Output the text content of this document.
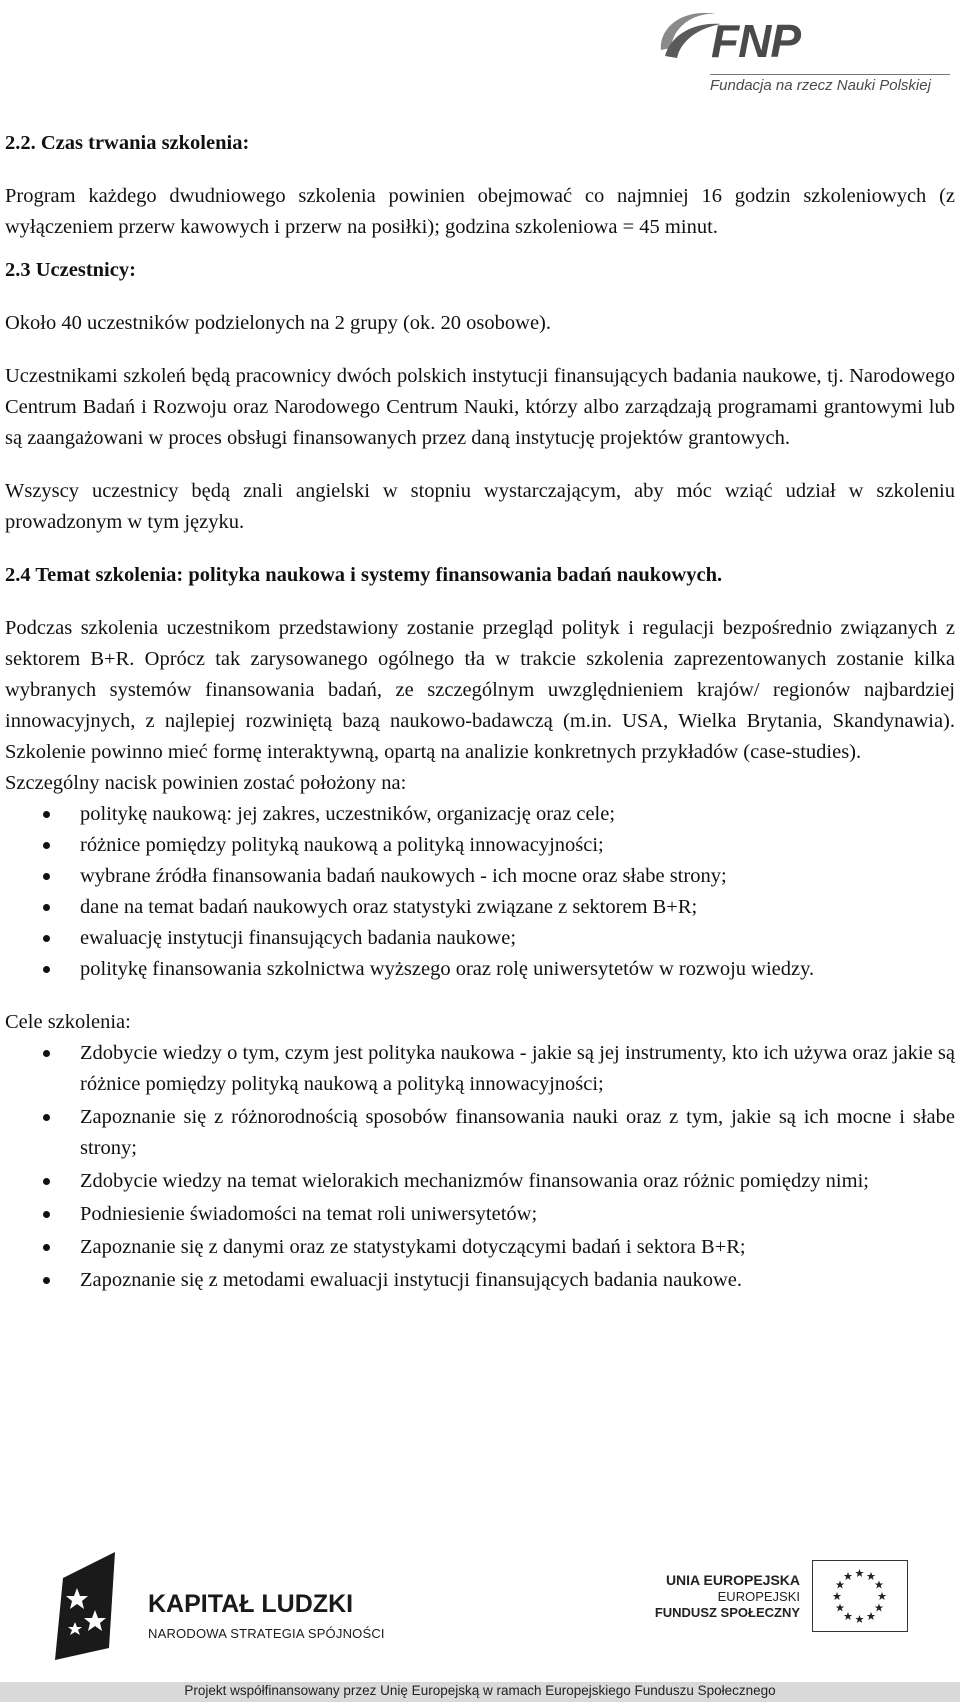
FNP
Fundacja na rzecz Nauki Polskiej

2.2. Czas trwania szkolenia:

Program każdego dwudniowego szkolenia powinien obejmować co najmniej 16 godzin szkoleniowych (z wyłączeniem przerw kawowych i przerw na posiłki); godzina szkoleniowa = 45 minut.

2.3 Uczestnicy:

Około 40 uczestników podzielonych na 2 grupy (ok. 20 osobowe).

Uczestnikami szkoleń będą pracownicy dwóch polskich instytucji finansujących badania naukowe, tj. Narodowego Centrum Badań i Rozwoju oraz Narodowego Centrum Nauki, którzy albo zarządzają programami grantowymi lub są zaangażowani w proces obsługi finansowanych przez daną instytucję projektów grantowych.

Wszyscy uczestnicy będą znali angielski w stopniu wystarczającym, aby móc wziąć udział w szkoleniu prowadzonym w tym języku.

2.4 Temat szkolenia: polityka naukowa i systemy finansowania badań naukowych.

Podczas szkolenia uczestnikom przedstawiony zostanie przegląd polityk i regulacji bezpośrednio związanych z sektorem B+R. Oprócz tak zarysowanego ogólnego tła w trakcie szkolenia zaprezentowanych zostanie kilka wybranych systemów finansowania badań, ze szczególnym uwzględnieniem krajów/ regionów najbardziej innowacyjnych, z najlepiej rozwiniętą bazą naukowo-badawczą (m.in. USA, Wielka Brytania, Skandynawia). Szkolenie powinno mieć formę interaktywną, opartą na analizie konkretnych przykładów (case-studies).

Szczególny nacisk powinien zostać położony na:

politykę naukową: jej zakres, uczestników, organizację oraz cele;
różnice pomiędzy polityką naukową a polityką innowacyjności;
wybrane źródła finansowania badań naukowych - ich mocne oraz słabe strony;
dane na temat badań naukowych oraz statystyki związane z sektorem B+R;
ewaluację instytucji finansujących badania naukowe;
politykę finansowania szkolnictwa wyższego oraz rolę uniwersytetów w rozwoju wiedzy.

Cele szkolenia:

Zdobycie wiedzy o tym, czym jest polityka naukowa - jakie są jej instrumenty, kto ich używa oraz jakie są różnice pomiędzy polityką naukową a polityką innowacyjności;
Zapoznanie się z różnorodnością sposobów finansowania nauki oraz z tym, jakie są ich mocne i słabe strony;
Zdobycie wiedzy na temat wielorakich mechanizmów finansowania oraz różnic pomiędzy nimi;
Podniesienie świadomości na temat roli uniwersytetów;
Zapoznanie się z danymi oraz ze statystykami dotyczącymi badań i sektora B+R;
Zapoznanie się z metodami ewaluacji instytucji finansujących badania naukowe.
KAPITAŁ LUDZKI
NARODOWA STRATEGIA SPÓJNOŚCI
UNIA EUROPEJSKA
EUROPEJSKI
FUNDUSZ SPOŁECZNY
Projekt współfinansowany przez Unię Europejską w ramach Europejskiego Funduszu Społecznego
